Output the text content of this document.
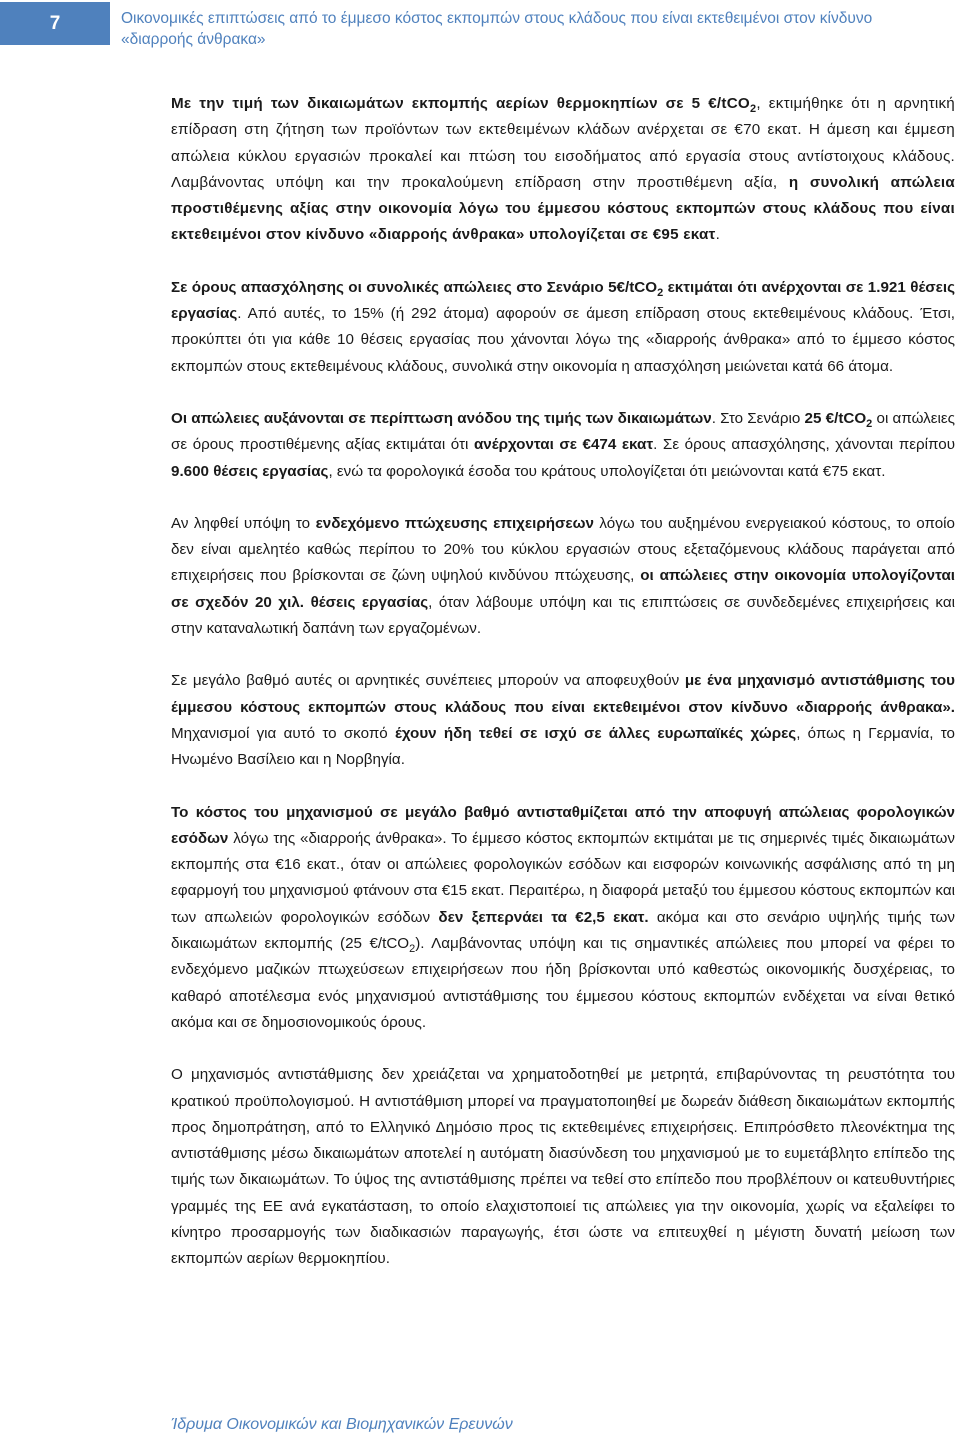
7	Οικονομικές επιπτώσεις από το έμμεσο κόστος εκπομπών στους κλάδους που είναι εκτεθειμένοι στον κίνδυνο «διαρροής άνθρακα»

Με την τιμή των δικαιωμάτων εκπομπής αερίων θερμοκηπίων σε 5 €/tCO$_2$, εκτιμήθηκε ότι η αρνητική επίδραση στη ζήτηση των προϊόντων των εκτεθειμένων κλάδων ανέρχεται σε €70 εκατ. Η άμεση και έμμεση απώλεια κύκλου εργασιών προκαλεί και πτώση του εισοδήματος από εργασία στους αντίστοιχους κλάδους. Λαμβάνοντας υπόψη και την προκαλούμενη επίδραση στην προστιθέμενη αξία, η συνολική απώλεια προστιθέμενης αξίας στην οικονομία λόγω του έμμεσου κόστους εκπομπών στους κλάδους που είναι εκτεθειμένοι στον κίνδυνο «διαρροής άνθρακα» υπολογίζεται σε €95 εκατ.

Σε όρους απασχόλησης οι συνολικές απώλειες στο Σενάριο 5€/tCO$_2$ εκτιμάται ότι ανέρχονται σε 1.921 θέσεις εργασίας. Από αυτές, το 15% (ή 292 άτομα) αφορούν σε άμεση επίδραση στους εκτεθειμένους κλάδους. Έτσι, προκύπτει ότι για κάθε 10 θέσεις εργασίας που χάνονται λόγω της «διαρροής άνθρακα» από το έμμεσο κόστος εκπομπών στους εκτεθειμένους κλάδους, συνολικά στην οικονομία η απασχόληση μειώνεται κατά 66 άτομα.

Οι απώλειες αυξάνονται σε περίπτωση ανόδου της τιμής των δικαιωμάτων. Στο Σενάριο 25 €/tCO$_2$ οι απώλειες σε όρους προστιθέμενης αξίας εκτιμάται ότι ανέρχονται σε €474 εκατ. Σε όρους απασχόλησης, χάνονται περίπου 9.600 θέσεις εργασίας, ενώ τα φορολογικά έσοδα του κράτους υπολογίζεται ότι μειώνονται κατά €75 εκατ.

Αν ληφθεί υπόψη το ενδεχόμενο πτώχευσης επιχειρήσεων λόγω του αυξημένου ενεργειακού κόστους, το οποίο δεν είναι αμελητέο καθώς περίπου το 20% του κύκλου εργασιών στους εξεταζόμενους κλάδους παράγεται από επιχειρήσεις που βρίσκονται σε ζώνη υψηλού κινδύνου πτώχευσης, οι απώλειες στην οικονομία υπολογίζονται σε σχεδόν 20 χιλ. θέσεις εργασίας, όταν λάβουμε υπόψη και τις επιπτώσεις σε συνδεδεμένες επιχειρήσεις και στην καταναλωτική δαπάνη των εργαζομένων.

Σε μεγάλο βαθμό αυτές οι αρνητικές συνέπειες μπορούν να αποφευχθούν με ένα μηχανισμό αντιστάθμισης του έμμεσου κόστους εκπομπών στους κλάδους που είναι εκτεθειμένοι στον κίνδυνο «διαρροής άνθρακα». Μηχανισμοί για αυτό το σκοπό έχουν ήδη τεθεί σε ισχύ σε άλλες ευρωπαϊκές χώρες, όπως η Γερμανία, το Ηνωμένο Βασίλειο και η Νορβηγία.

Το κόστος του μηχανισμού σε μεγάλο βαθμό αντισταθμίζεται από την αποφυγή απώλειας φορολογικών εσόδων λόγω της «διαρροής άνθρακα». Το έμμεσο κόστος εκπομπών εκτιμάται με τις σημερινές τιμές δικαιωμάτων εκπομπής στα €16 εκατ., όταν οι απώλειες φορολογικών εσόδων και εισφορών κοινωνικής ασφάλισης από τη μη εφαρμογή του μηχανισμού φτάνουν στα €15 εκατ. Περαιτέρω, η διαφορά μεταξύ του έμμεσου κόστους εκπομπών και των απωλειών φορολογικών εσόδων δεν ξεπερνάει τα €2,5 εκατ. ακόμα και στο σενάριο υψηλής τιμής των δικαιωμάτων εκπομπής (25 €/tCO$_2$). Λαμβάνοντας υπόψη και τις σημαντικές απώλειες που μπορεί να φέρει το ενδεχόμενο μαζικών πτωχεύσεων επιχειρήσεων που ήδη βρίσκονται υπό καθεστώς οικονομικής δυσχέρειας, το καθαρό αποτέλεσμα ενός μηχανισμού αντιστάθμισης του έμμεσου κόστους εκπομπών ενδέχεται να είναι θετικό ακόμα και σε δημοσιονομικούς όρους.

Ο μηχανισμός αντιστάθμισης δεν χρειάζεται να χρηματοδοτηθεί με μετρητά, επιβαρύνοντας τη ρευστότητα του κρατικού προϋπολογισμού. Η αντιστάθμιση μπορεί να πραγματοποιηθεί με δωρεάν διάθεση δικαιωμάτων εκπομπής προς δημοπράτηση, από το Ελληνικό Δημόσιο προς τις εκτεθειμένες επιχειρήσεις. Επιπρόσθετο πλεονέκτημα της αντιστάθμισης μέσω δικαιωμάτων αποτελεί η αυτόματη διασύνδεση του μηχανισμού με το ευμετάβλητο επίπεδο της τιμής των δικαιωμάτων. Το ύψος της αντιστάθμισης πρέπει να τεθεί στο επίπεδο που προβλέπουν οι κατευθυντήριες γραμμές της ΕΕ ανά εγκατάσταση, το οποίο ελαχιστοποιεί τις απώλειες για την οικονομία, χωρίς να εξαλείφει το κίνητρο προσαρμογής των διαδικασιών παραγωγής, έτσι ώστε να επιτευχθεί η μέγιστη δυνατή μείωση των εκπομπών αερίων θερμοκηπίου.

Ίδρυμα Οικονομικών και Βιομηχανικών Ερευνών
